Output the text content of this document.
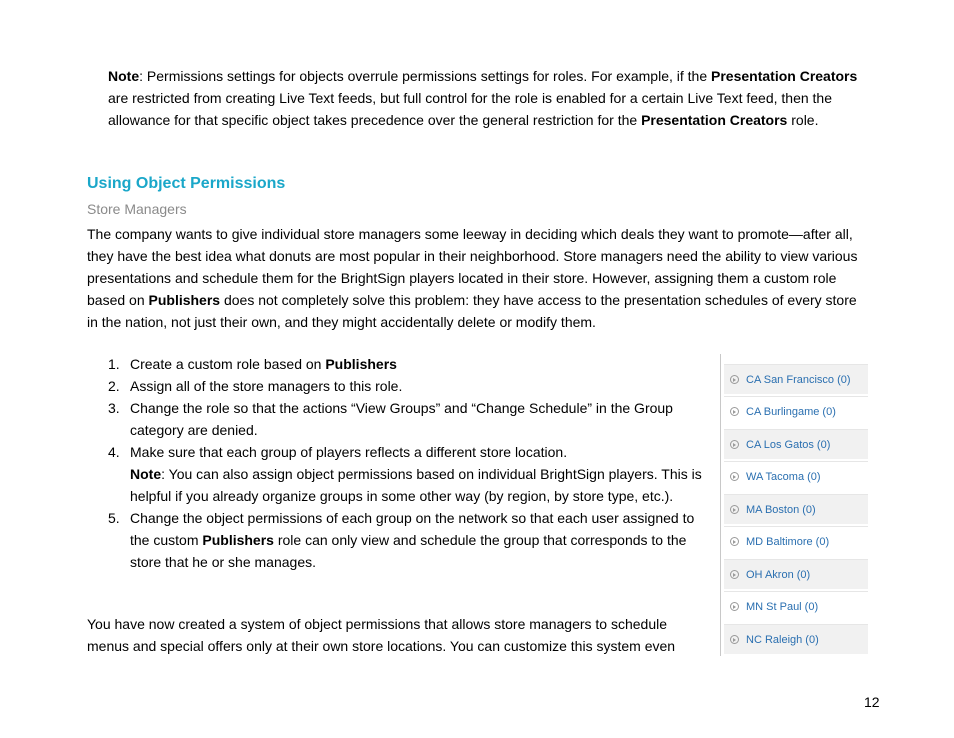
Note: Permissions settings for objects overrule permissions settings for roles. For example, if the Presentation Creators are restricted from creating Live Text feeds, but full control for the role is enabled for a certain Live Text feed, then the allowance for that specific object takes precedence over the general restriction for the Presentation Creators role.
Using Object Permissions
Store Managers
The company wants to give individual store managers some leeway in deciding which deals they want to promote—after all, they have the best idea what donuts are most popular in their neighborhood. Store managers need the ability to view various presentations and schedule them for the BrightSign players located in their store. However, assigning them a custom role based on Publishers does not completely solve this problem: they have access to the presentation schedules of every store in the nation, not just their own, and they might accidentally delete or modify them.
1. Create a custom role based on Publishers
2. Assign all of the store managers to this role.
3. Change the role so that the actions “View Groups” and “Change Schedule” in the Group category are denied.
4. Make sure that each group of players reflects a different store location.
Note: You can also assign object permissions based on individual BrightSign players. This is helpful if you already organize groups in some other way (by region, by store type, etc.).
5. Change the object permissions of each group on the network so that each user assigned to the custom Publishers role can only view and schedule the group that corresponds to the store that he or she manages.
You have now created a system of object permissions that allows store managers to schedule menus and special offers only at their own store locations. You can customize this system even
CA San Francisco (0)
CA Burlingame (0)
CA Los Gatos (0)
WA Tacoma (0)
MA Boston (0)
MD Baltimore (0)
OH Akron (0)
MN St Paul (0)
NC Raleigh (0)
12
